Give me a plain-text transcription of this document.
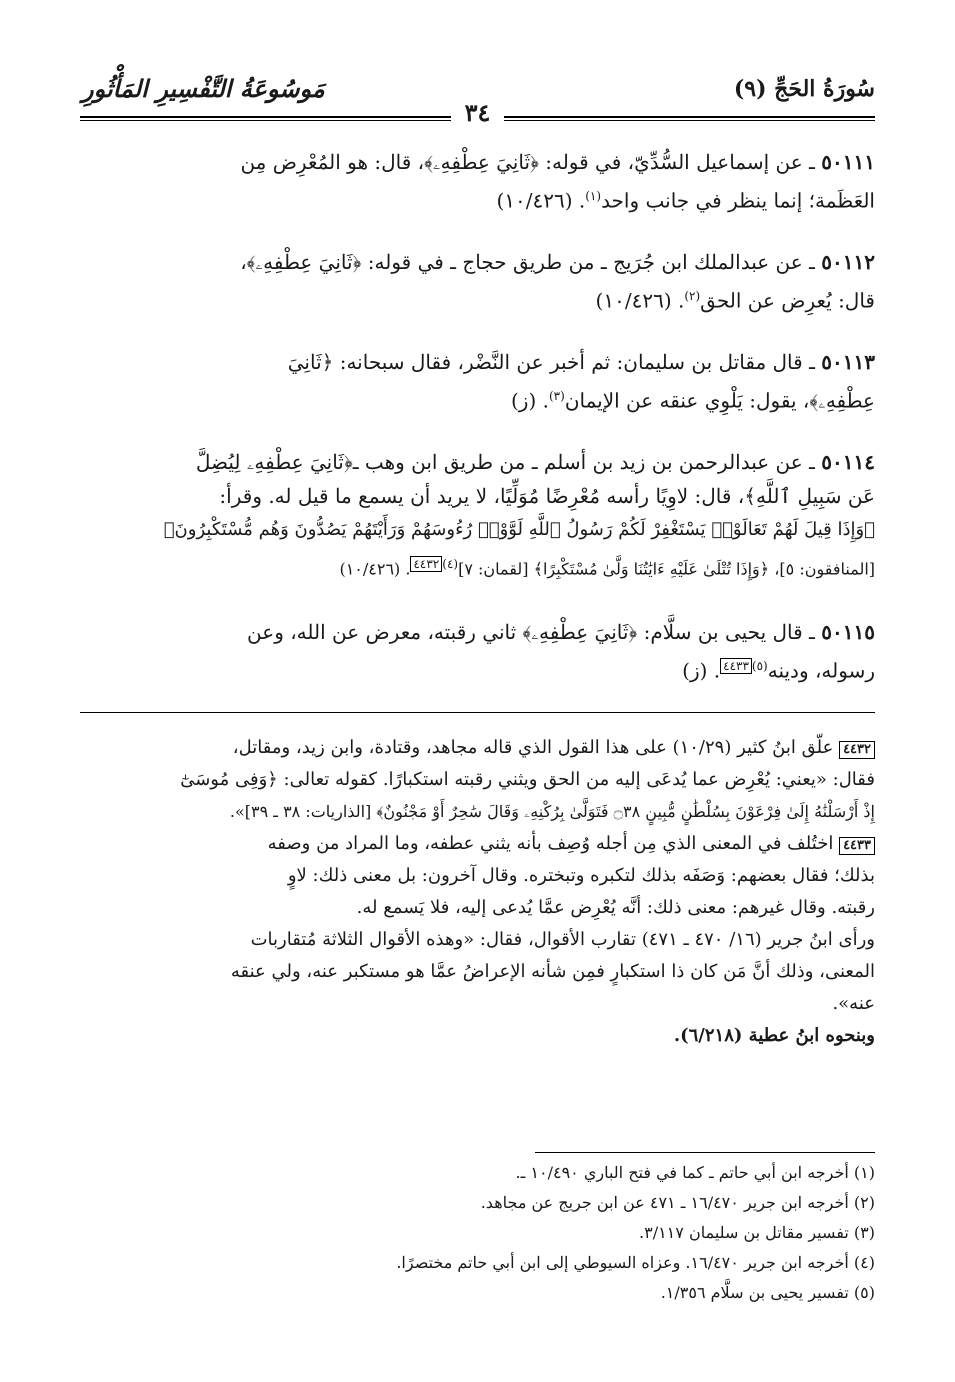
سُورَةُ الحَجِّ (٩)
مَوسُوعَةُ التَّفْسِيرِ المَأْثُورِ
٣٤
٥٠١١١ ـ عن إسماعيل السُّدِّيّ، في قوله: ﴿ثَانِيَ عِطْفِهِۦ﴾، قال: هو المُعْرِض مِن
العَظَمة؛ إنما ينظر في جانب واحد$^{(١)}$. (١٠/٤٢٦)
٥٠١١٢ ـ عن عبدالملك ابن جُرَيج ـ من طريق حجاج ـ في قوله: ﴿ثَانِيَ عِطْفِهِۦ﴾،
قال: يُعرِض عن الحق$^{(٢)}$. (١٠/٤٢٦)
٥٠١١٣ ـ قال مقاتل بن سليمان: ثم أخبر عن النَّضْر، فقال سبحانه: ﴿ثَانِيَ
عِطْفِهِۦ﴾، يقول: يَلْوِي عنقه عن الإيمان$^{(٣)}$. (ز)
٥٠١١٤ ـ عن عبدالرحمن بن زيد بن أسلم ـ من طريق ابن وهب ـ﴿ثَانِيَ عِطْفِهِۦ لِيُضِلَّ
عَن سَبِيلِ ٱللَّهِ﴾، قال: لاوِيًا رأسه مُعْرِضًا مُوَلِّيًا، لا يريد أن يسمع ما قيل له. وقرأ:
﴿وَإِذَا قِيلَ لَهُمْ تَعَالَوْا۟ يَسْتَغْفِرْ لَكُمْ رَسُولُ ٱللَّهِ لَوَّوْا۟ رُءُوسَهُمْ وَرَأَيْتَهُمْ يَصُدُّونَ وَهُم مُّسْتَكْبِرُونَ﴾
[المنافقون: ٥]، ﴿وَإِذَا تُتْلَىٰ عَلَيْهِ ءَايَٰتُنَا وَلَّىٰ مُسْتَكْبِرًا﴾ [لقمان: ٧]$^{(٤)}$٤٤٣٢. (١٠/٤٢٦)
٥٠١١٥ ـ قال يحيى بن سلَّام: ﴿ثَانِيَ عِطْفِهِۦ﴾ ثاني رقبته، معرض عن الله، وعن
رسوله، ودينه$^{(٥)}$٤٤٣٣. (ز)
٤٤٣٢ علّق ابنُ كثير (١٠/٢٩) على هذا القول الذي قاله مجاهد، وقتادة، وابن زيد، ومقاتل،
فقال: «يعني: يُعْرِض عما يُدعَى إليه من الحق ويثني رقبته استكبارًا. كقوله تعالى: ﴿وَفِى مُوسَىٰٓ
إِذْ أَرْسَلْنَٰهُ إِلَىٰ فِرْعَوْنَ بِسُلْطَٰنٍ مُّبِينٍ ۝٣٨ فَتَوَلَّىٰ بِرُكْنِهِۦ وَقَالَ سَٰحِرٌ أَوْ مَجْنُونٌ﴾ [الذاريات: ٣٨ ـ ٣٩]».
٤٤٣٣ اختُلف في المعنى الذي مِن أجله وُصِف بأنه يثني عطفه، وما المراد من وصفه
بذلك؛ فقال بعضهم: وَصَفَه بذلك لتكبره وتبختره. وقال آخرون: بل معنى ذلك: لاوٍ
رقبته. وقال غيرهم: معنى ذلك: أنَّه يُعْرِض عمَّا يُدعى إليه، فلا يَسمع له.
ورأى ابنُ جرير (١٦/ ٤٧٠ ـ ٤٧١) تقارب الأقوال، فقال: «وهذه الأقوال الثلاثة مُتقاربات
المعنى، وذلك أنَّ مَن كان ذا استكبارٍ فمِن شأنه الإعراضُ عمَّا هو مستكبر عنه، ولي عنقه
عنه».
وبنحوه ابنُ عطية (٦/٢١٨).
(١) أخرجه ابن أبي حاتم ـ كما في فتح الباري ١٠/٤٩٠ ـ.
(٢) أخرجه ابن جرير ١٦/٤٧٠ ـ ٤٧١ عن ابن جريج عن مجاهد.
(٣) تفسير مقاتل بن سليمان ٣/١١٧.
(٤) أخرجه ابن جرير ١٦/٤٧٠. وعزاه السيوطي إلى ابن أبي حاتم مختصرًا.
(٥) تفسير يحيى بن سلَّام ١/٣٥٦.
